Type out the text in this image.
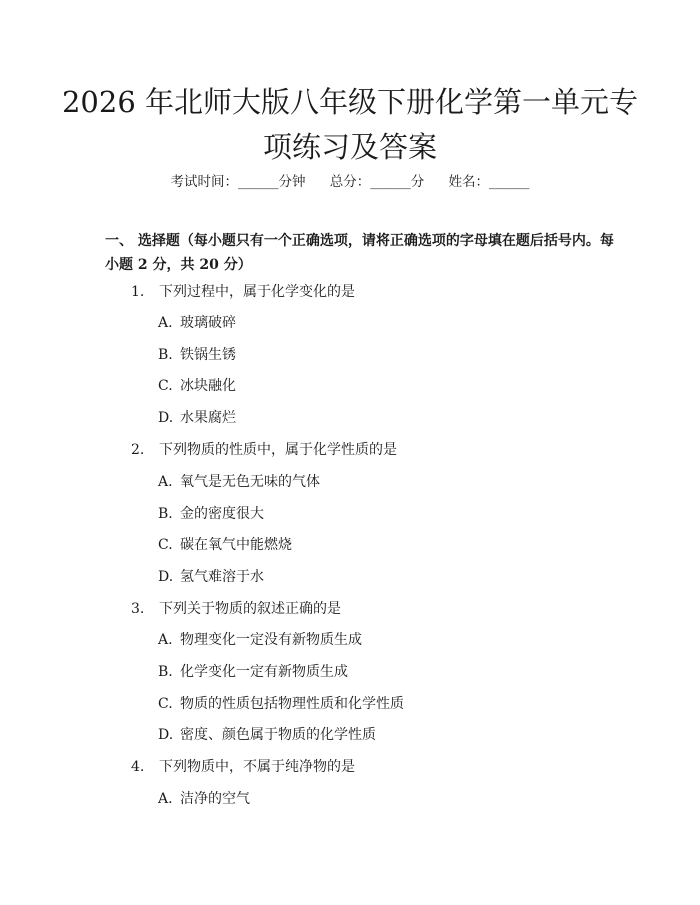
2026 年北师大版八年级下册化学第一单元专项练习及答案
考试时间：______分钟 总分：______分 姓名：______

一、 选择题（每小题只有一个正确选项，请将正确选项的字母填在题后括号内。每小题 2 分，共 20 分）

1. 下列过程中，属于化学变化的是
A. 玻璃破碎
B. 铁锅生锈
C. 冰块融化
D. 水果腐烂
2. 下列物质的性质中，属于化学性质的是
A. 氧气是无色无味的气体
B. 金的密度很大
C. 碳在氧气中能燃烧
D. 氢气难溶于水
3. 下列关于物质的叙述正确的是
A. 物理变化一定没有新物质生成
B. 化学变化一定有新物质生成
C. 物质的性质包括物理性质和化学性质
D. 密度、颜色属于物质的化学性质
4. 下列物质中，不属于纯净物的是
A. 洁净的空气
